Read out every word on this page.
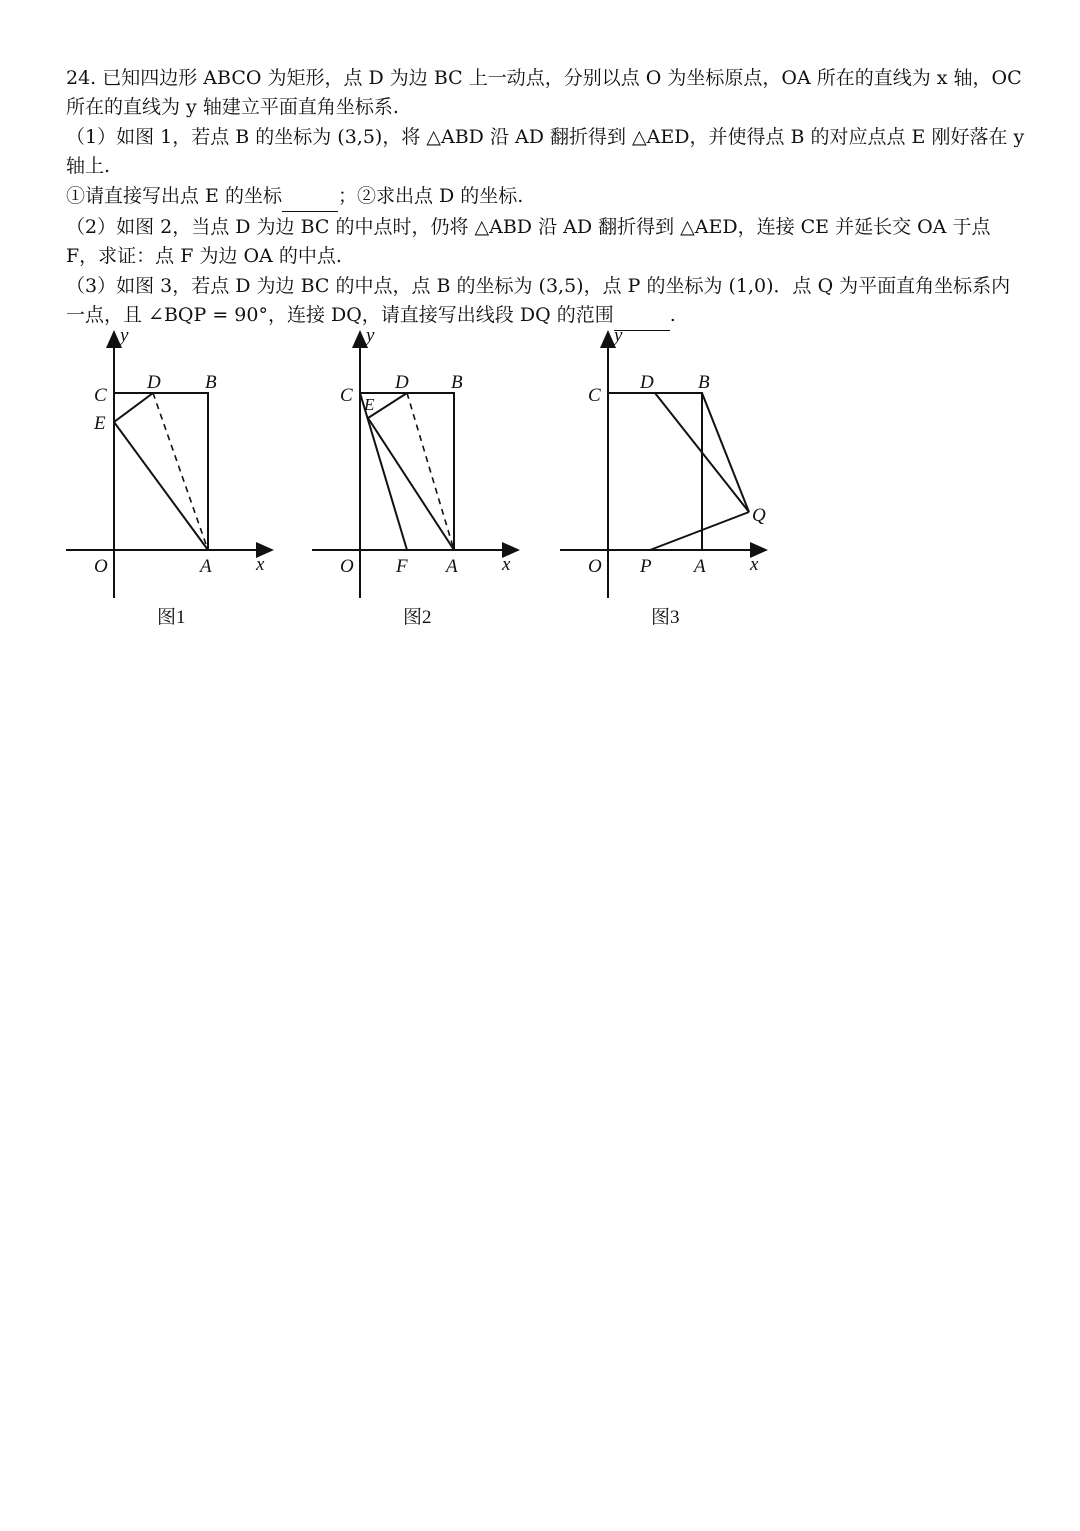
24. 已知四边形 ABCO 为矩形，点 D 为边 BC 上一动点，分别以点 O 为坐标原点，OA 所在的直线为 x 轴，OC 所在的直线为 y 轴建立平面直角坐标系.

（1）如图 1，若点 B 的坐标为 (3,5)，将 △ABD 沿 AD 翻折得到 △AED，并使得点 B 的对应点点 E 刚好落在 y 轴上.

①请直接写出点 E 的坐标	；②求出点 D 的坐标.

（2）如图 2，当点 D 为边 BC 的中点时，仍将 △ABD 沿 AD 翻折得到 △AED，连接 CE 并延长交 OA 于点 F，求证：点 F 为边 OA 的中点.

（3）如图 3，若点 D 为边 BC 的中点，点 B 的坐标为 (3,5)，点 P 的坐标为 (1,0)．点 Q 为平面直角坐标系内一点，且 ∠BQP = 90°，连接 DQ，请直接写出线段 DQ 的范围	.

y
x
C
D B
E
O	A
图1
y
x
C
D B
E
O F A
图2
y
x
C
D B
Q
O P A
图3
